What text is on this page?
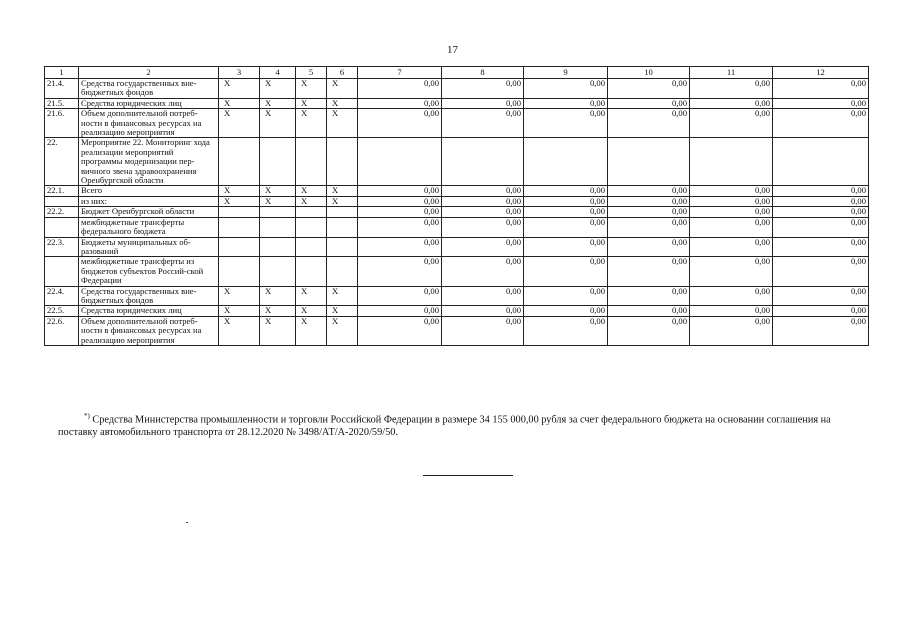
17
1	2	3	4	5	6	7	8	9	10	11	12
21.4.	Средства государственных вне-бюджетных фондов	Х	Х	Х	Х	0,00	0,00	0,00	0,00	0,00	0,00
21.5.	Средства юридических лиц	Х	Х	Х	Х	0,00	0,00	0,00	0,00	0,00	0,00
21.6.	Объем дополнительной потреб-ности в финансовых ресурсах на реализацию мероприятия	Х	Х	Х	Х	0,00	0,00	0,00	0,00	0,00	0,00
22.	Мероприятие 22. Мониторинг хода реализации мероприятий программы модернизации пер-вичного звена здравоохранения Оренбургской области										
22.1.	Всего	Х	Х	Х	Х	0,00	0,00	0,00	0,00	0,00	0,00
	из них:	Х	Х	Х	Х	0,00	0,00	0,00	0,00	0,00	0,00
22.2.	Бюджет Оренбургской области					0,00	0,00	0,00	0,00	0,00	0,00
	межбюджетные трансферты федерального бюджета					0,00	0,00	0,00	0,00	0,00	0,00
22.3.	Бюджеты муниципальных об-разований					0,00	0,00	0,00	0,00	0,00	0,00
	межбюджетные трансферты из бюджетов субъектов Россий-ской Федерации					0,00	0,00	0,00	0,00	0,00	0,00
22.4.	Средства государственных вне-бюджетных фондов	Х	Х	Х	Х	0,00	0,00	0,00	0,00	0,00	0,00
22.5.	Средства юридических лиц	Х	Х	Х	Х	0,00	0,00	0,00	0,00	0,00	0,00
22.6.	Объем дополнительной потреб-ности в финансовых ресурсах на реализацию мероприятия	Х	Х	Х	Х	0,00	0,00	0,00	0,00	0,00	0,00
*) Средства Министерства промышленности и торговли Российской Федерации в размере 34 155 000,00 рубля за счет федерального бюджета на основании соглашения на поставку автомобильного транспорта от 28.12.2020 № 3498/АТ/А-2020/59/50.
